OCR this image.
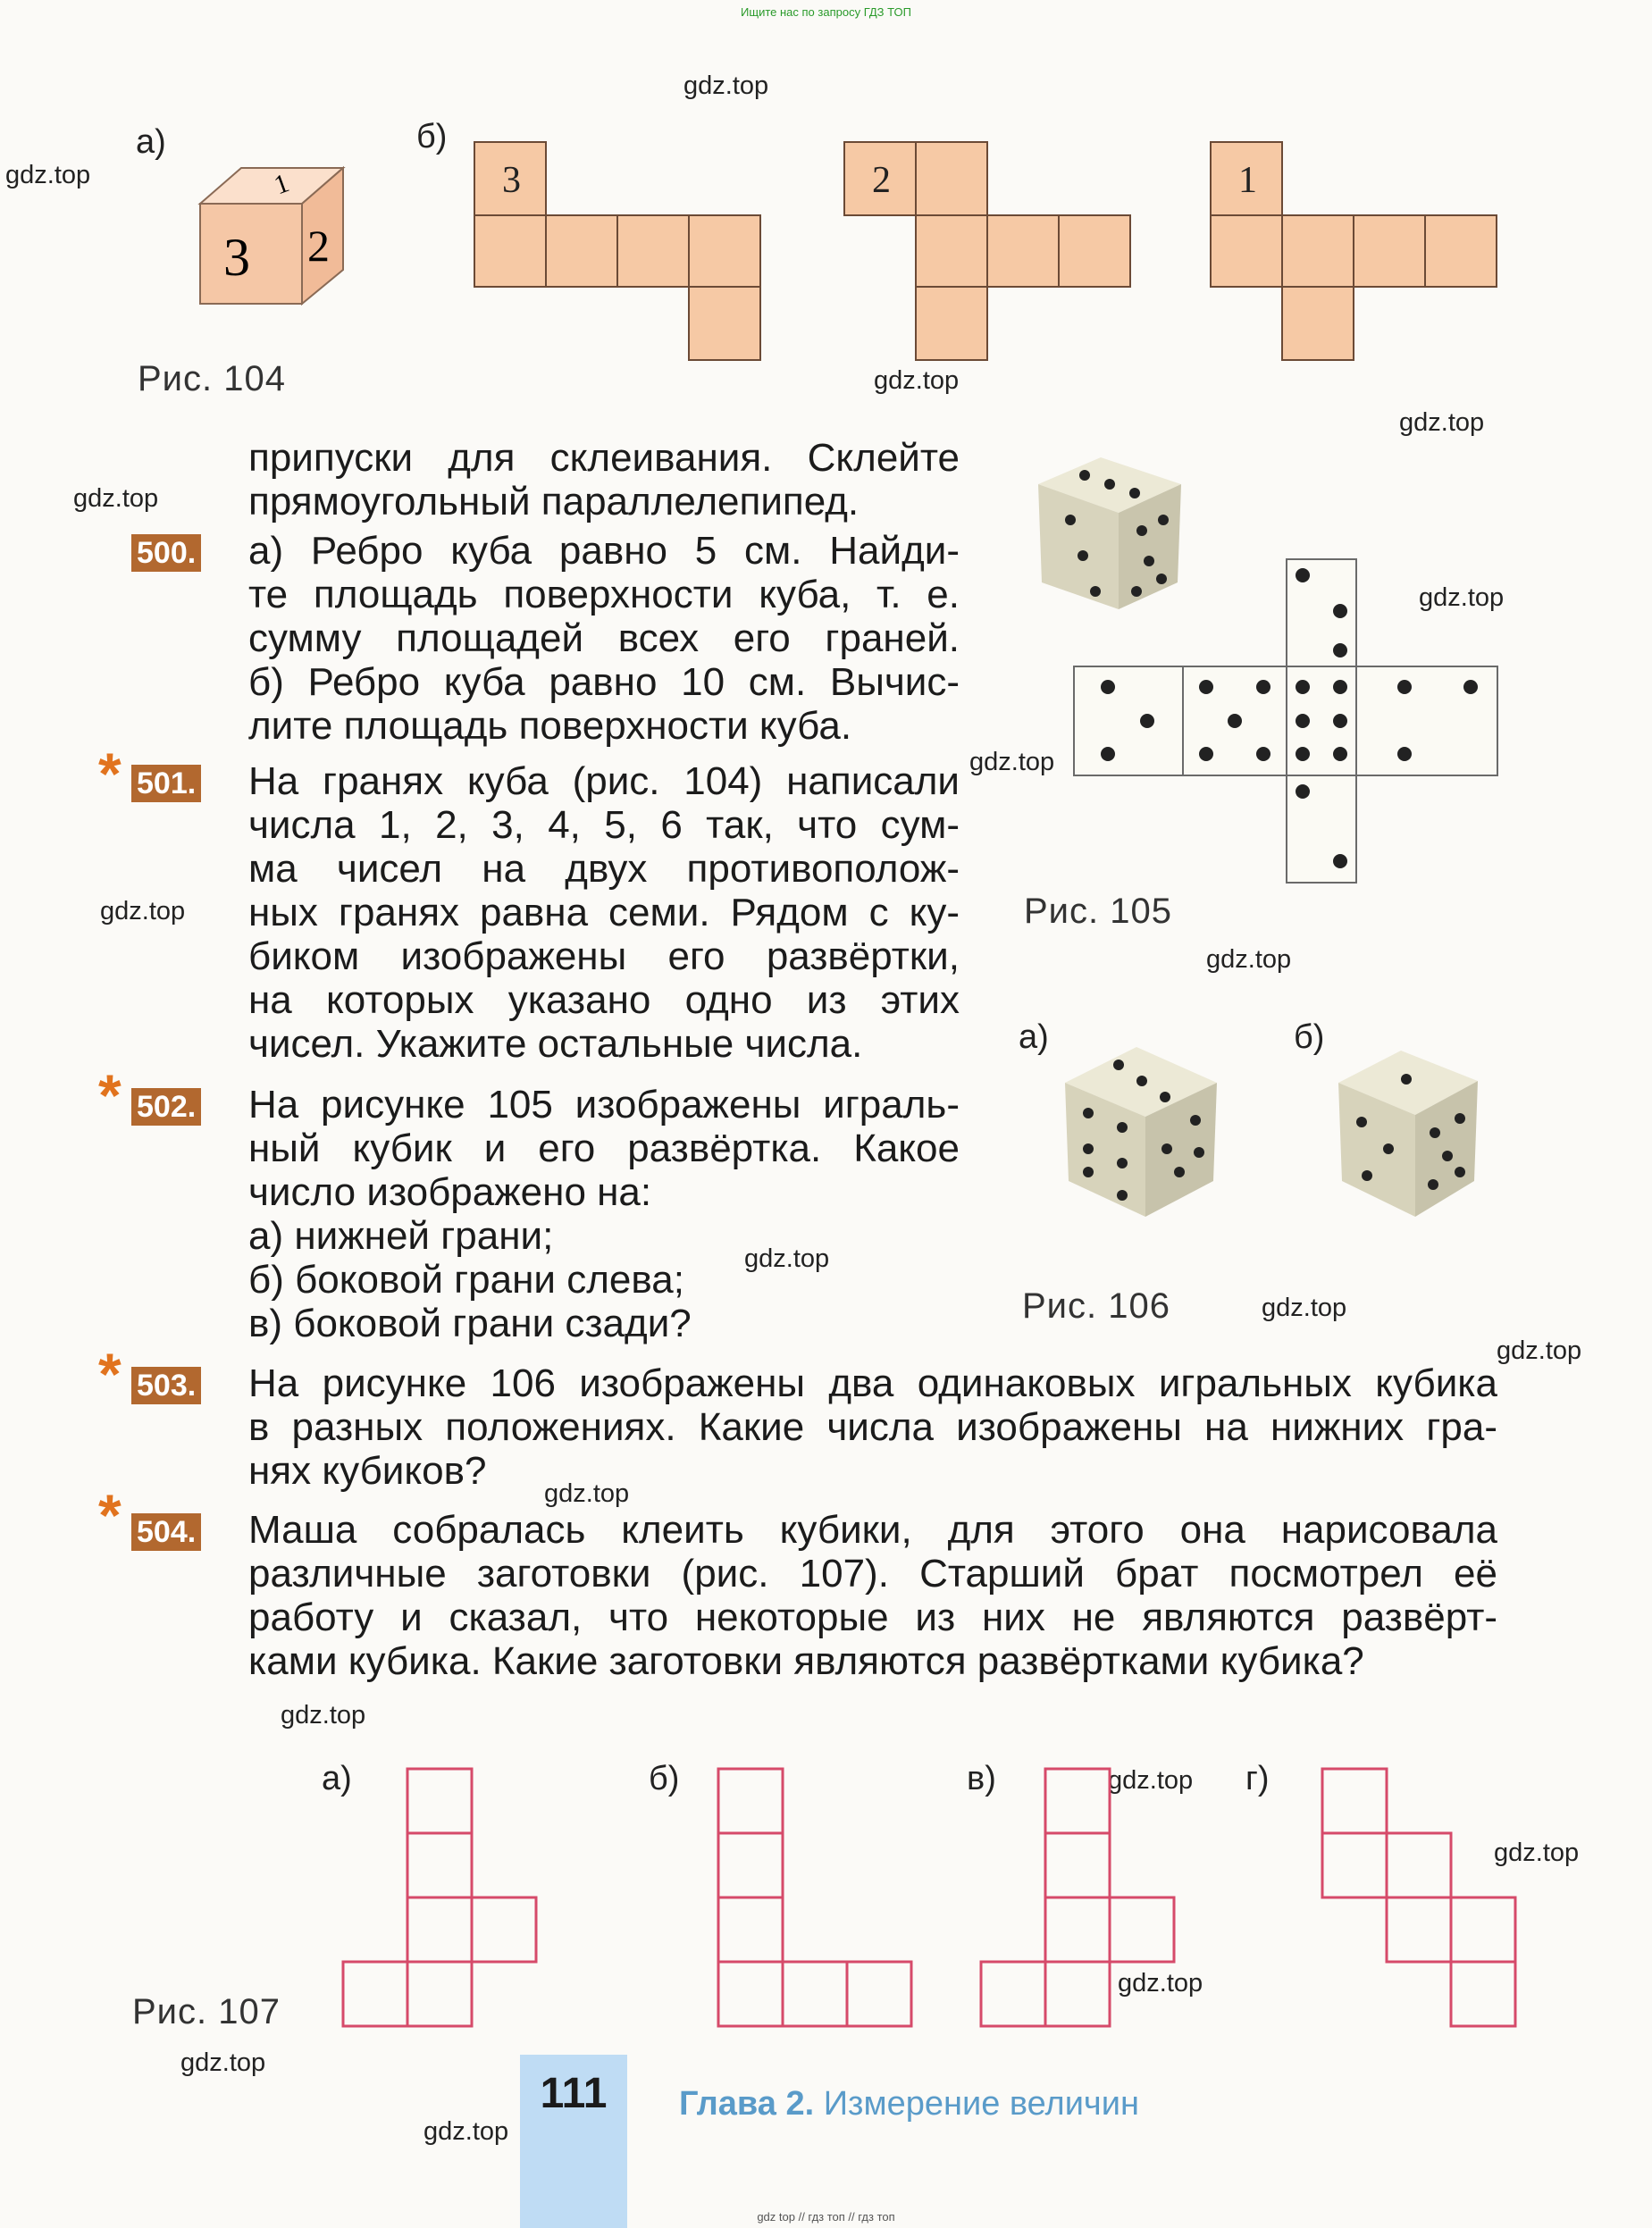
Ищите нас по запросу ГДЗ ТОП
gdz.top
gdz.top
gdz.top
gdz.top
gdz.top
gdz.top
gdz.top
gdz.top
gdz.top
gdz.top
gdz.top
gdz.top
gdz.top
gdz.top
gdz.top
gdz.top
gdz.top
gdz.top
gdz.top
а)	б)
1
3 2
3	2	1
Рис. 104
припуски для склеивания. Склейте
прямоугольный параллелепипед.
500. а) Ребро куба равно 5 см. Найди-
те площадь поверхности куба, т. е.
сумму площадей всех его граней.
б) Ребро куба равно 10 см. Вычис-
лите площадь поверхности куба.
* 501. На гранях куба (рис. 104) написали
числа 1, 2, 3, 4, 5, 6 так, что сум-
ма чисел на двух противополож-
ных гранях равна семи. Рядом с ку-
биком изображены его развёртки,
на которых указано одно из этих
чисел. Укажите остальные числа.
* 502. На рисунке 105 изображены играль-
ный кубик и его развёртка. Какое
число изображено на:
а) нижней грани;
б) боковой грани слева;
в) боковой грани сзади?
Рис. 105
а)	б)
Рис. 106
* 503. На рисунке 106 изображены два одинаковых игральных кубика
в разных положениях. Какие числа изображены на нижних гра-
нях кубиков?
* 504. Маша собралась клеить кубики, для этого она нарисовала
различные заготовки (рис. 107). Старший брат посмотрел её
работу и сказал, что некоторые из них не являются развёрт-
ками кубика. Какие заготовки являются развёртками кубика?
а)	б)	в)	г)
Рис. 107
111	Глава 2. Измерение величин
gdz top // гдз топ // гдз топ
